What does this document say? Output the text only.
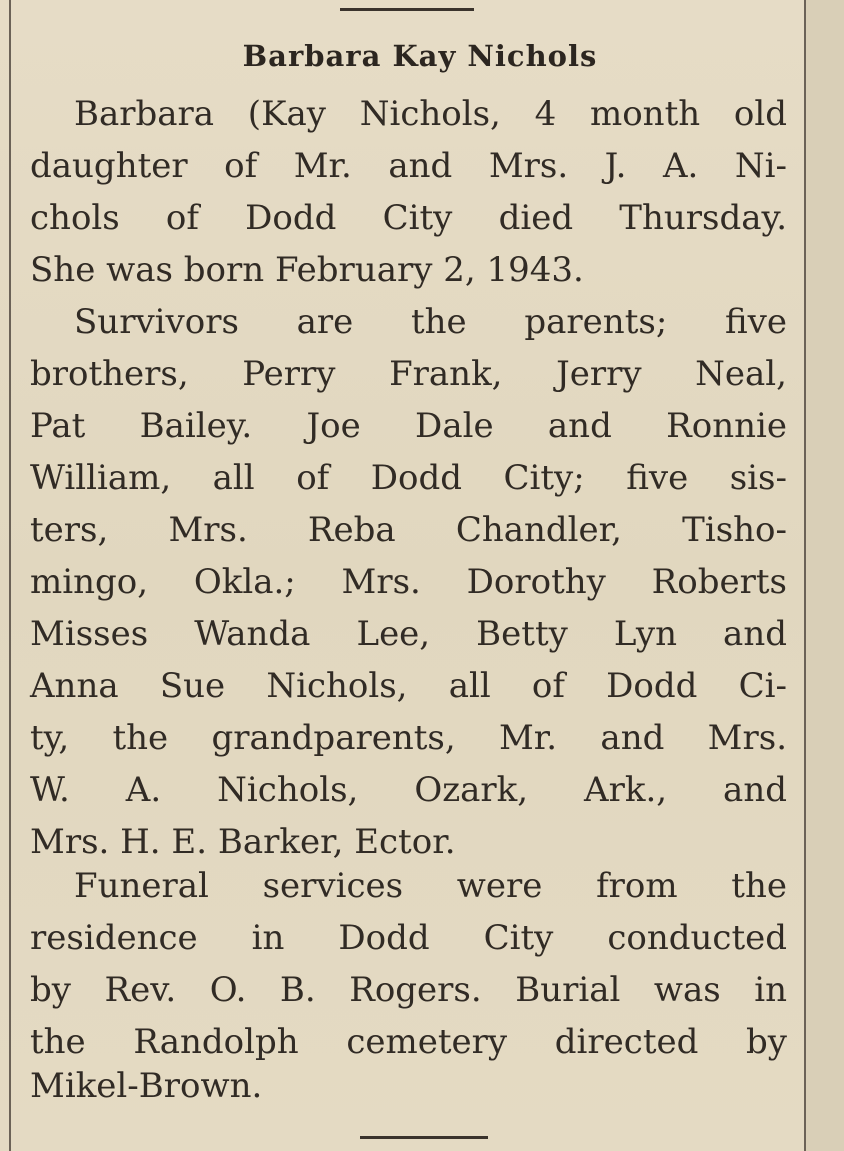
Barbara Kay Nichols
Barbara (Kay Nichols, 4 month old
daughter of Mr. and Mrs. J. A. Ni-
chols of Dodd City died Thursday.
She was born February 2, 1943.
Survivors are the parents; five
brothers, Perry Frank, Jerry Neal,
Pat Bailey. Joe Dale and Ronnie
William, all of Dodd City; five sis-
ters, Mrs. Reba Chandler, Tisho-
mingo, Okla.; Mrs. Dorothy Roberts
Misses Wanda Lee, Betty Lyn and
Anna Sue Nichols, all of Dodd Ci-
ty, the grandparents, Mr. and Mrs.
W. A. Nichols, Ozark, Ark., and
Mrs. H. E. Barker, Ector.
Funeral services were from the
residence in Dodd City conducted
by Rev. O. B. Rogers. Burial was in
the Randolph cemetery directed by
Mikel-Brown.
